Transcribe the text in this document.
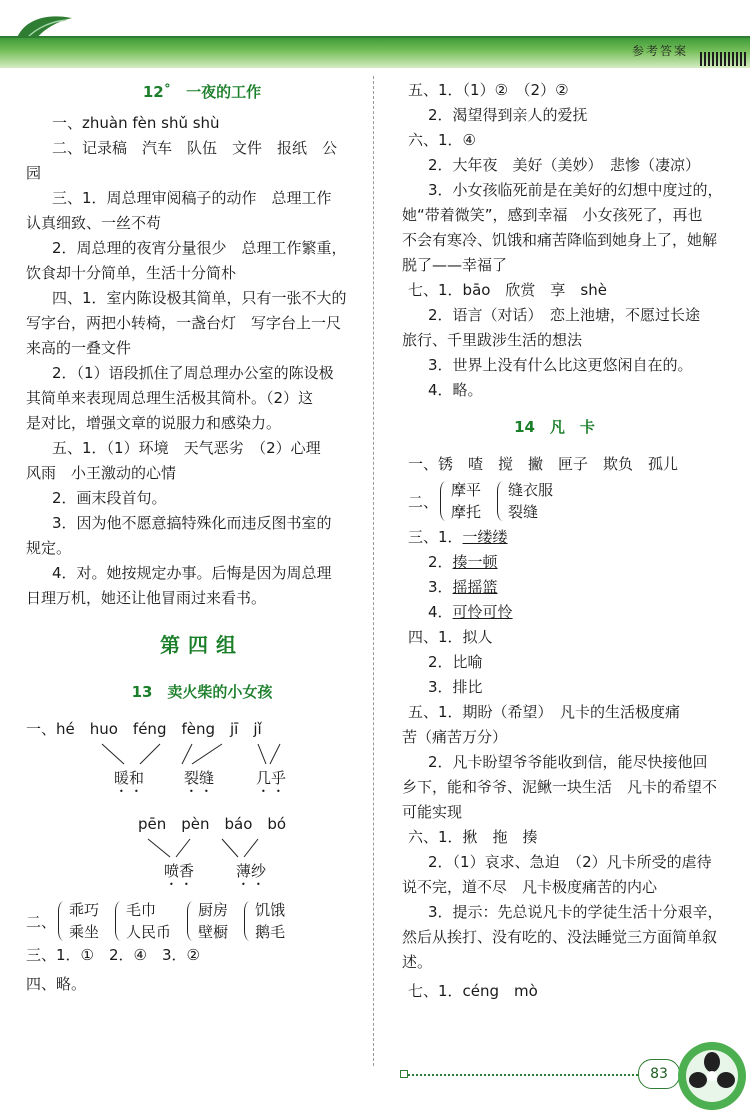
参考答案
12˚　一夜的工作
一、zhuàn fèn shǔ shù
二、记录稿　汽车　队伍　文件　报纸　公
园
三、1．周总理审阅稿子的动作　总理工作
认真细致、一丝不苟
2．周总理的夜宵分量很少　总理工作繁重，
饮食却十分简单，生活十分简朴
四、1．室内陈设极其简单，只有一张不大的
写字台，两把小转椅，一盏台灯　写字台上一尺
来高的一叠文件
2．（1）语段抓住了周总理办公室的陈设极
其简单来表现周总理生活极其简朴。（2）这
是对比，增强文章的说服力和感染力。
五、1．（1）环境　天气恶劣　（2）心理
风雨　小王激动的心情
2．画末段首句。
3．因为他不愿意搞特殊化而违反图书室的
规定。
4．对。她按规定办事。后悔是因为周总理
日理万机，她还让他冒雨过来看书。
第四组
13　卖火柴的小女孩
一、hé　huo　féng　fèng　jī　jǐ
暖和	裂缝	几乎
pēn　pèn　báo　bó
喷香	薄纱
二、
乖巧
乘坐
毛巾
人民币
厨房
壁橱
饥饿
鹅毛
三、1．①　2．④　3．②
四、略。
五、1．（1）②　（2）②
2．渴望得到亲人的爱抚
六、1．④
2．大年夜　美好（美妙）　悲惨（凄凉）
3．小女孩临死前是在美好的幻想中度过的，
她“带着微笑”，感到幸福　小女孩死了，再也
不会有寒冷、饥饿和痛苦降临到她身上了，她解
脱了——幸福了
七、1．bāo　欣赏　享　shè
2．语言（对话）　恋上池塘，不愿过长途
旅行、千里跋涉生活的想法
3．世界上没有什么比这更悠闲自在的。
4．略。
14　凡　卡
一、锈　喳　搅　撇　匣子　欺负　孤儿
二、
摩平
摩托
缝衣服
裂缝
三、1．一缕缕
2．揍一顿
3．摇摇篮
4．可怜可怜
四、1．拟人
2．比喻
3．排比
五、1．期盼（希望）　凡卡的生活极度痛
苦（痛苦万分）
2．凡卡盼望爷爷能收到信，能尽快接他回
乡下，能和爷爷、泥鳅一块生活　凡卡的希望不
可能实现
六、1．揪　拖　揍
2．（1）哀求、急迫　（2）凡卡所受的虐待
说不完，道不尽　凡卡极度痛苦的内心
3．提示：先总说凡卡的学徒生活十分艰辛，
然后从挨打、没有吃的、没法睡觉三方面简单叙
述。
七、1．céng　mò
83
